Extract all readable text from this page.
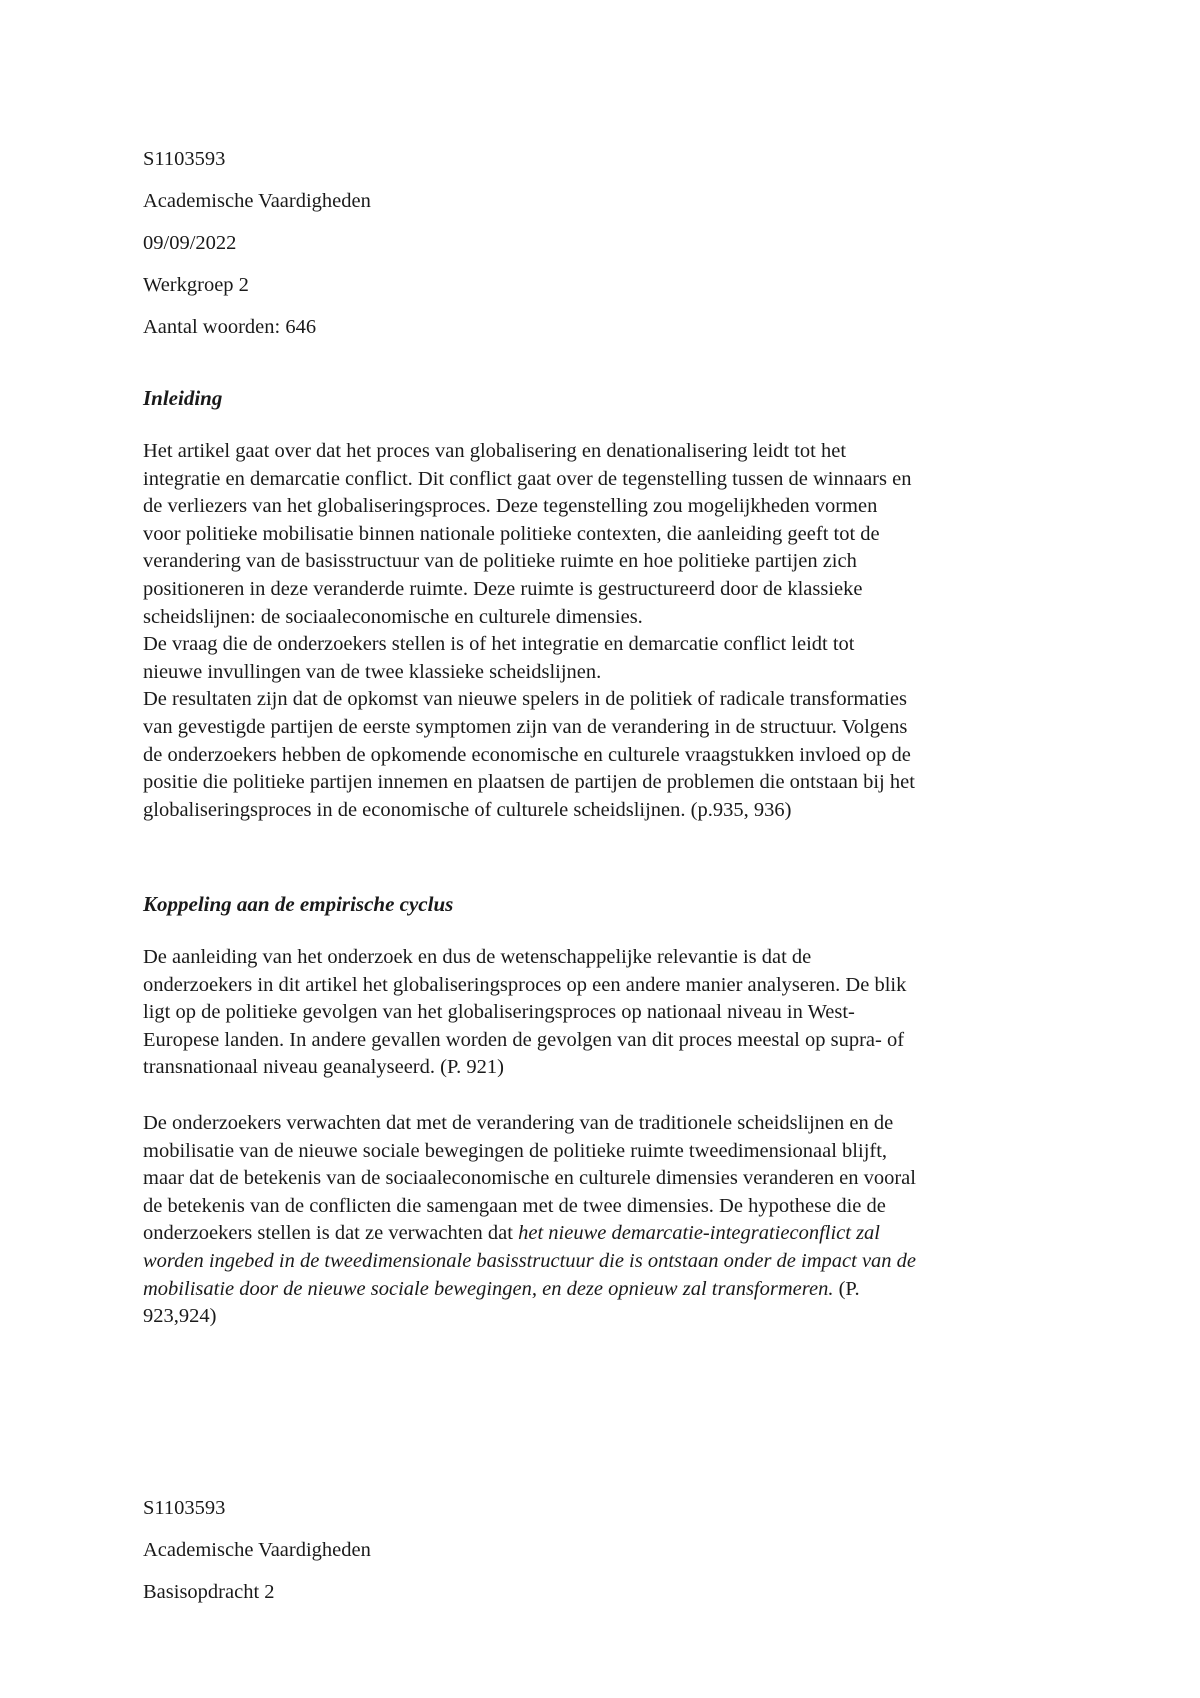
S1103593
Academische Vaardigheden
09/09/2022
Werkgroep 2
Aantal woorden: 646
Inleiding
Het artikel gaat over dat het proces van globalisering en denationalisering leidt tot het
integratie en demarcatie conflict. Dit conflict gaat over de tegenstelling tussen de winnaars en
de verliezers van het globaliseringsproces. Deze tegenstelling zou mogelijkheden vormen
voor politieke mobilisatie binnen nationale politieke contexten, die aanleiding geeft tot de
verandering van de basisstructuur van de politieke ruimte en hoe politieke partijen zich
positioneren in deze veranderde ruimte. Deze ruimte is gestructureerd door de klassieke
scheidslijnen: de sociaaleconomische en culturele dimensies.
De vraag die de onderzoekers stellen is of het integratie en demarcatie conflict leidt tot
nieuwe invullingen van de twee klassieke scheidslijnen.
De resultaten zijn dat de opkomst van nieuwe spelers in de politiek of radicale transformaties
van gevestigde partijen de eerste symptomen zijn van de verandering in de structuur. Volgens
de onderzoekers hebben de opkomende economische en culturele vraagstukken invloed op de
positie die politieke partijen innemen en plaatsen de partijen de problemen die ontstaan bij het
globaliseringsproces in de economische of culturele scheidslijnen. (p.935, 936)
Koppeling aan de empirische cyclus
De aanleiding van het onderzoek en dus de wetenschappelijke relevantie is dat de
onderzoekers in dit artikel het globaliseringsproces op een andere manier analyseren. De blik
ligt op de politieke gevolgen van het globaliseringsproces op nationaal niveau in West-
Europese landen. In andere gevallen worden de gevolgen van dit proces meestal op supra- of
transnationaal niveau geanalyseerd. (P. 921)
De onderzoekers verwachten dat met de verandering van de traditionele scheidslijnen en de
mobilisatie van de nieuwe sociale bewegingen de politieke ruimte tweedimensionaal blijft,
maar dat de betekenis van de sociaaleconomische en culturele dimensies veranderen en vooral
de betekenis van de conflicten die samengaan met de twee dimensies. De hypothese die de
onderzoekers stellen is dat ze verwachten dat het nieuwe demarcatie-integratieconflict zal
worden ingebed in de tweedimensionale basisstructuur die is ontstaan onder de impact van de
mobilisatie door de nieuwe sociale bewegingen, en deze opnieuw zal transformeren. (P.
923,924)
S1103593
Academische Vaardigheden
Basisopdracht 2
